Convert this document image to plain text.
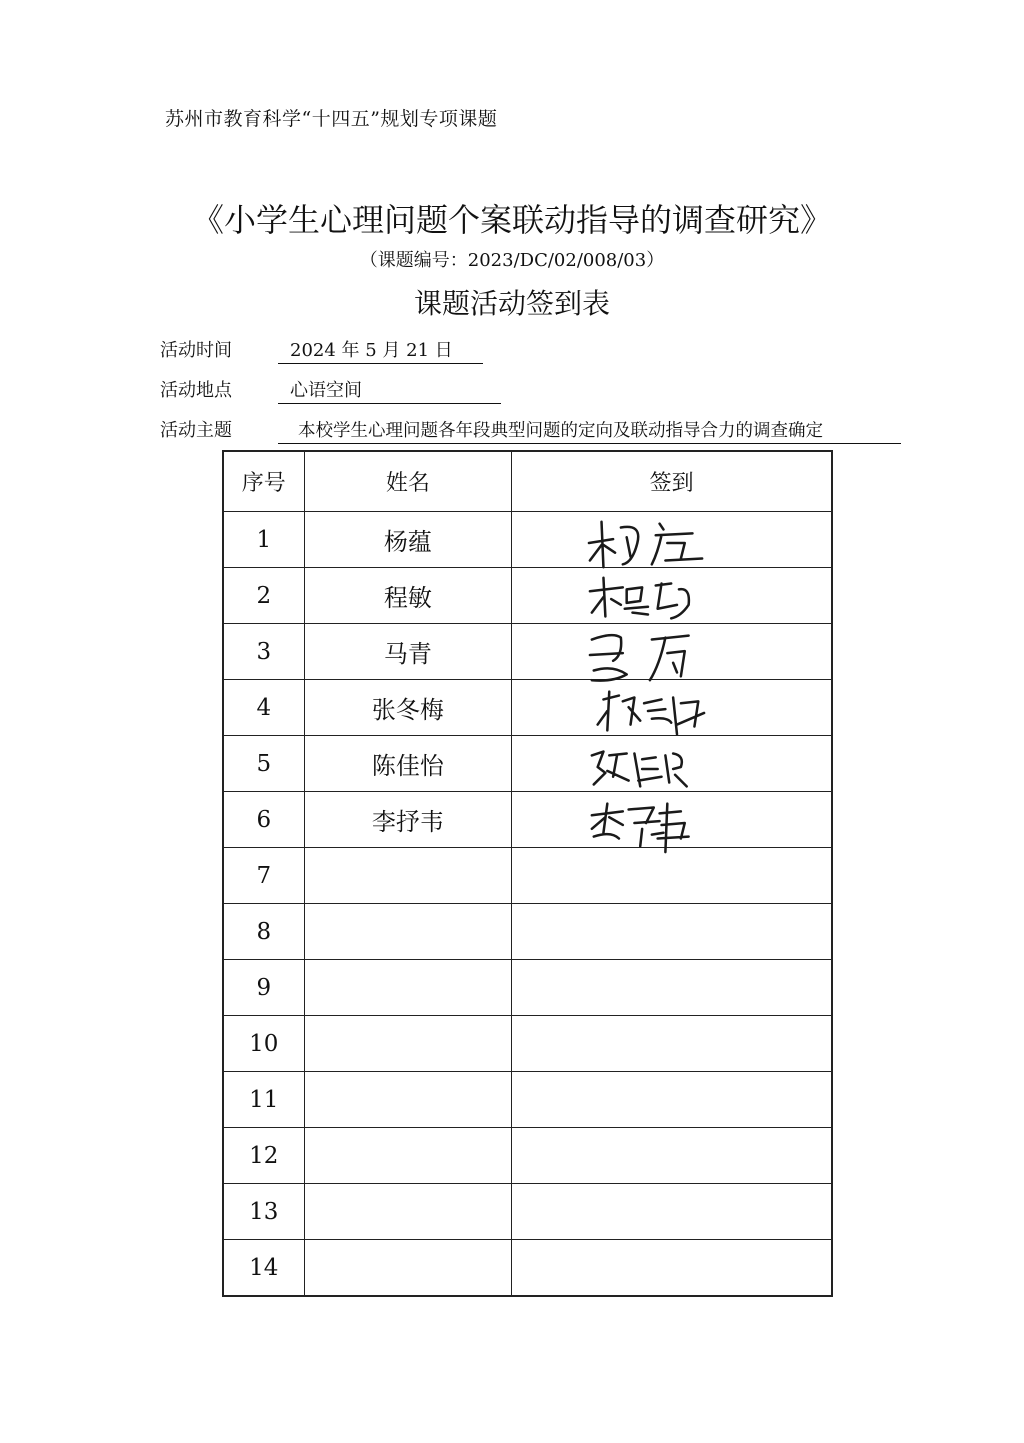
苏州市教育科学“十四五”规划专项课题
《小学生心理问题个案联动指导的调查研究》
（课题编号：2023/DC/02/008/03）
课题活动签到表
活动时间	2024 年 5 月 21 日
活动地点	心语空间
活动主题	本校学生心理问题各年段典型问题的定向及联动指导合力的调查确定
序号	姓名	签到
1	杨蕴	

2	程敏	

3	马青	

4	张冬梅	

5	陈佳怡	

6	李抒韦	

7		
8		
9		
10		
11		
12		
13		
14		
